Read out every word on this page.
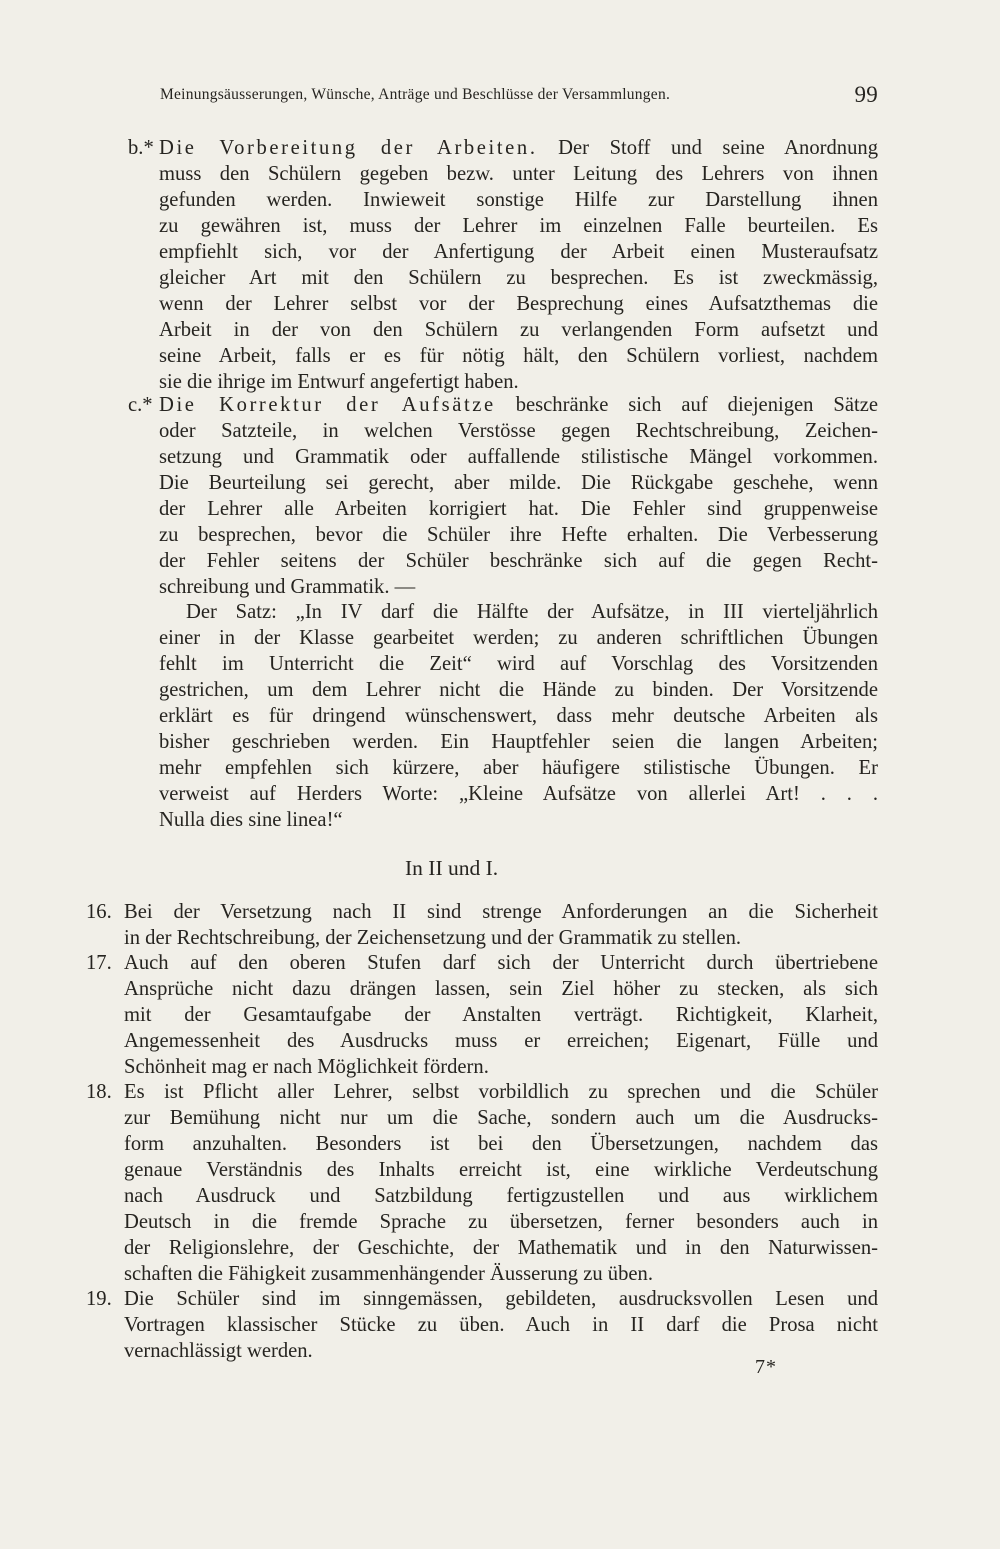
Meinungsäusserungen, Wünsche, Anträge und Beschlüsse der Versammlungen.	99
b.* Die Vorbereitung der Arbeiten. Der Stoff und seine Anordnung
muss den Schülern gegeben bezw. unter Leitung des Lehrers von ihnen
gefunden werden. Inwieweit sonstige Hilfe zur Darstellung ihnen
zu gewähren ist, muss der Lehrer im einzelnen Falle beurteilen. Es
empfiehlt sich, vor der Anfertigung der Arbeit einen Musteraufsatz
gleicher Art mit den Schülern zu besprechen. Es ist zweckmässig,
wenn der Lehrer selbst vor der Besprechung eines Aufsatzthemas die
Arbeit in der von den Schülern zu verlangenden Form aufsetzt und
seine Arbeit, falls er es für nötig hält, den Schülern vorliest, nachdem
sie die ihrige im Entwurf angefertigt haben.
c.* Die Korrektur der Aufsätze beschränke sich auf diejenigen Sätze
oder Satzteile, in welchen Verstösse gegen Rechtschreibung, Zeichen-
setzung und Grammatik oder auffallende stilistische Mängel vorkommen.
Die Beurteilung sei gerecht, aber milde. Die Rückgabe geschehe, wenn
der Lehrer alle Arbeiten korrigiert hat. Die Fehler sind gruppenweise
zu besprechen, bevor die Schüler ihre Hefte erhalten. Die Verbesserung
der Fehler seitens der Schüler beschränke sich auf die gegen Recht-
schreibung und Grammatik. —
Der Satz: „In IV darf die Hälfte der Aufsätze, in III vierteljährlich
einer in der Klasse gearbeitet werden; zu anderen schriftlichen Übungen
fehlt im Unterricht die Zeit“ wird auf Vorschlag des Vorsitzenden
gestrichen, um dem Lehrer nicht die Hände zu binden. Der Vorsitzende
erklärt es für dringend wünschenswert, dass mehr deutsche Arbeiten als
bisher geschrieben werden. Ein Hauptfehler seien die langen Arbeiten;
mehr empfehlen sich kürzere, aber häufigere stilistische Übungen. Er
verweist auf Herders Worte: „Kleine Aufsätze von allerlei Art! . . .
Nulla dies sine linea!“
In II und I.
16. Bei der Versetzung nach II sind strenge Anforderungen an die Sicherheit
in der Rechtschreibung, der Zeichensetzung und der Grammatik zu stellen.
17. Auch auf den oberen Stufen darf sich der Unterricht durch übertriebene
Ansprüche nicht dazu drängen lassen, sein Ziel höher zu stecken, als sich
mit der Gesamtaufgabe der Anstalten verträgt. Richtigkeit, Klarheit,
Angemessenheit des Ausdrucks muss er erreichen; Eigenart, Fülle und
Schönheit mag er nach Möglichkeit fördern.
18. Es ist Pflicht aller Lehrer, selbst vorbildlich zu sprechen und die Schüler
zur Bemühung nicht nur um die Sache, sondern auch um die Ausdrucks-
form anzuhalten. Besonders ist bei den Übersetzungen, nachdem das
genaue Verständnis des Inhalts erreicht ist, eine wirkliche Verdeutschung
nach Ausdruck und Satzbildung fertigzustellen und aus wirklichem
Deutsch in die fremde Sprache zu übersetzen, ferner besonders auch in
der Religionslehre, der Geschichte, der Mathematik und in den Naturwissen-
schaften die Fähigkeit zusammenhängender Äusserung zu üben.
19. Die Schüler sind im sinngemässen, gebildeten, ausdrucksvollen Lesen und
Vortragen klassischer Stücke zu üben. Auch in II darf die Prosa nicht
vernachlässigt werden.
7*
